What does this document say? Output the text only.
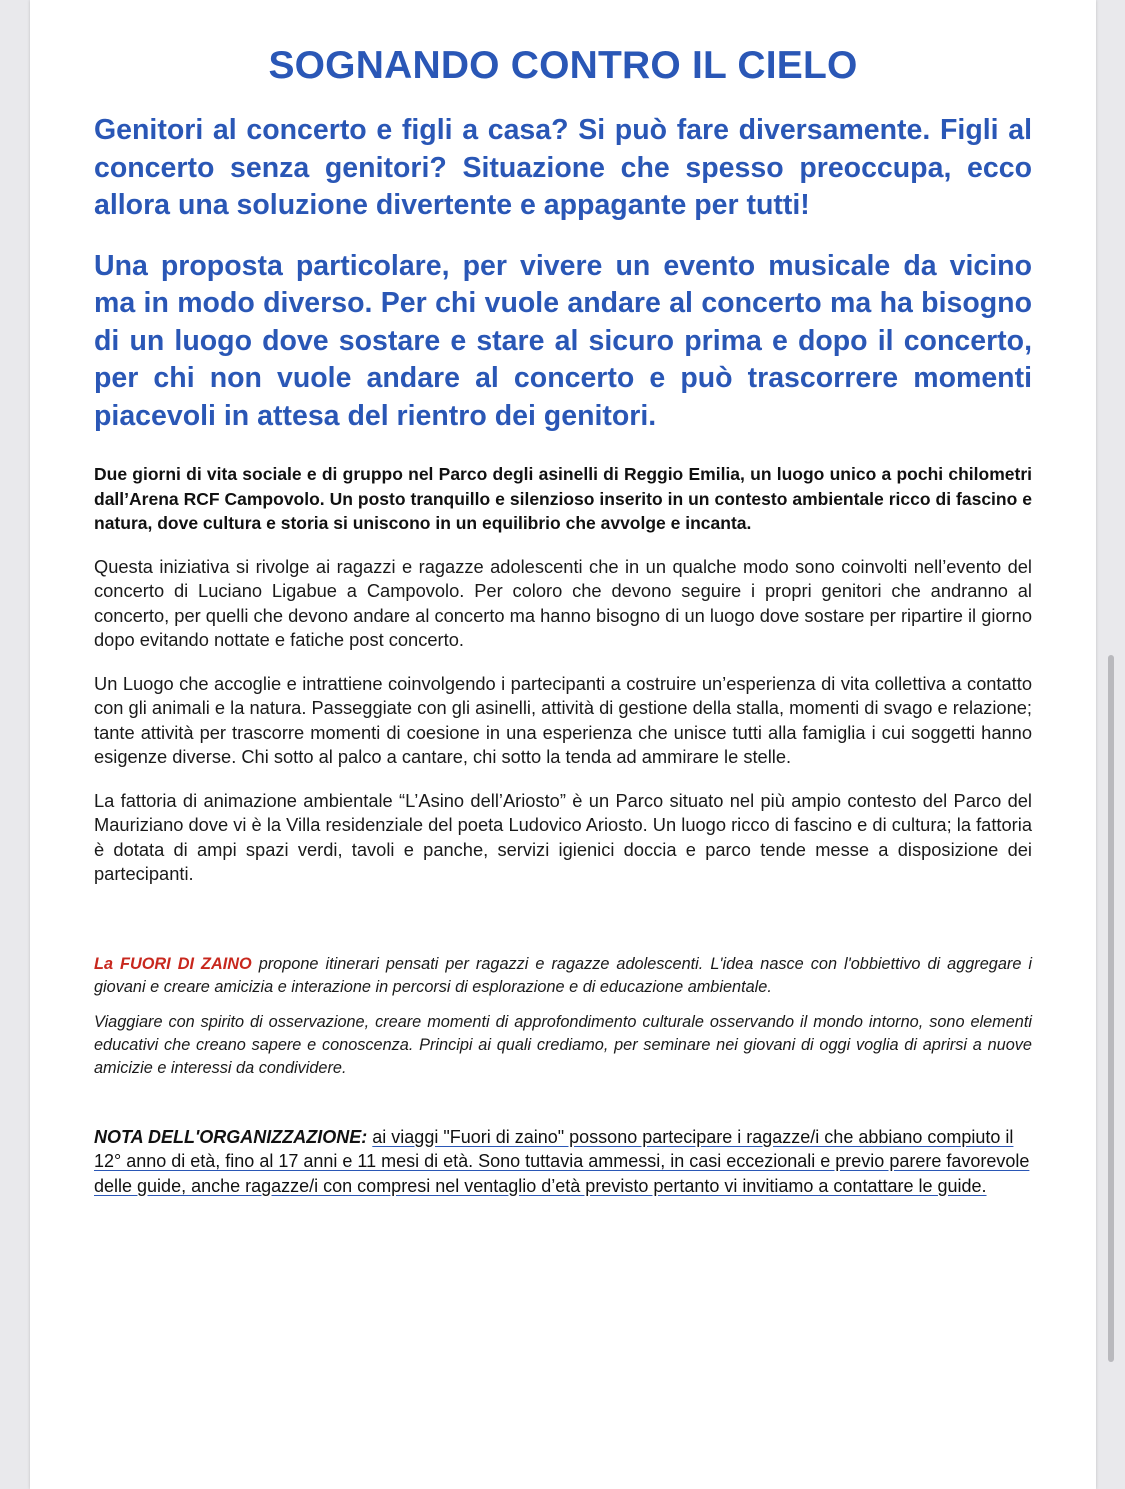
SOGNANDO CONTRO IL CIELO

Genitori al concerto e figli a casa? Si può fare diversamente. Figli al concerto senza genitori? Situazione che spesso preoccupa, ecco allora una soluzione divertente e appagante per tutti!

Una proposta particolare, per vivere un evento musicale da vicino ma in modo diverso. Per chi vuole andare al concerto ma ha bisogno di un luogo dove sostare e stare al sicuro prima e dopo il concerto, per chi non vuole andare al concerto e può trascorrere momenti piacevoli in attesa del rientro dei genitori.

Due giorni di vita sociale e di gruppo nel Parco degli asinelli di Reggio Emilia, un luogo unico a pochi chilometri dall’Arena RCF Campovolo. Un posto tranquillo e silenzioso inserito in un contesto ambientale ricco di fascino e natura, dove cultura e storia si uniscono in un equilibrio che avvolge e incanta.

Questa iniziativa si rivolge ai ragazzi e ragazze adolescenti che in un qualche modo sono coinvolti nell’evento del concerto di Luciano Ligabue a Campovolo. Per coloro che devono seguire i propri genitori che andranno al concerto, per quelli che devono andare al concerto ma hanno bisogno di un luogo dove sostare per ripartire il giorno dopo evitando nottate e fatiche post concerto.

Un Luogo che accoglie e intrattiene coinvolgendo i partecipanti a costruire un’esperienza di vita collettiva a contatto con gli animali e la natura. Passeggiate con gli asinelli, attività di gestione della stalla, momenti di svago e relazione; tante attività per trascorre momenti di coesione in una esperienza che unisce tutti alla famiglia i cui soggetti hanno esigenze diverse. Chi sotto al palco a cantare, chi sotto la tenda ad ammirare le stelle.

La fattoria di animazione ambientale “L’Asino dell’Ariosto” è un Parco situato nel più ampio contesto del Parco del Mauriziano dove vi è la Villa residenziale del poeta Ludovico Ariosto. Un luogo ricco di fascino e di cultura; la fattoria è dotata di ampi spazi verdi, tavoli e panche, servizi igienici doccia e parco tende messe a disposizione dei partecipanti.

La FUORI DI ZAINO propone itinerari pensati per ragazzi e ragazze adolescenti. L'idea nasce con l'obbiettivo di aggregare i giovani e creare amicizia e interazione in percorsi di esplorazione e di educazione ambientale.

Viaggiare con spirito di osservazione, creare momenti di approfondimento culturale osservando il mondo intorno, sono elementi educativi che creano sapere e conoscenza. Principi ai quali crediamo, per seminare nei giovani di oggi voglia di aprirsi a nuove amicizie e interessi da condividere.

NOTA DELL'ORGANIZZAZIONE: ai viaggi "Fuori di zaino" possono partecipare i ragazze/i che abbiano compiuto il 12° anno di età, fino al 17 anni e 11 mesi di età. Sono tuttavia ammessi, in casi eccezionali e previo parere favorevole delle guide, anche ragazze/i con compresi nel ventaglio d’età previsto pertanto vi invitiamo a contattare le guide.
